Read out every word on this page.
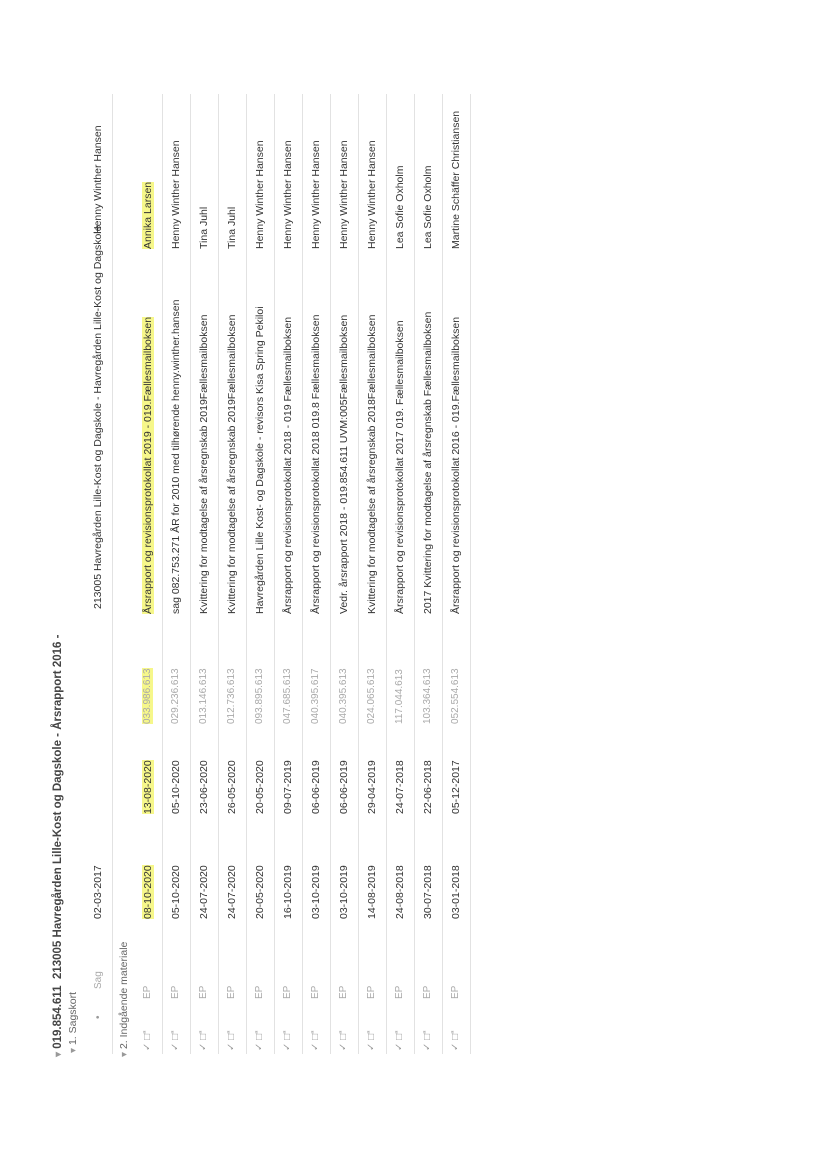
▾ 019.854.611  213005 Havregården Lille-Kost og Dagskole - Årsrapport 2016 -
▾ 1. Sagskort •
Sag
02-03-2017
213005 Havregården Lille-Kost og Dagskole - Havregården Lille-Kost og Dagskole
Henny Winther Hansen
▾ 2. Indgående materiale ✓ □“
EP
08-10-2020
13-08-2020
033.986.613
Årsrapport og revisionsprotokollat 2019 - 019.Fællesmailboksen
Annika Larsen
✓ □“
EP
05-10-2020
05-10-2020
029.236.613
sag 082.753.271 ÅR for 2010 med tilhørende henny.winther.hansen
Henny Winther Hansen
✓ □“
EP
24-07-2020
23-06-2020
013.146.613
Kvittering for modtagelse af årsregnskab 2019Fællesmailboksen
Tina Juhl
✓ □“
EP
24-07-2020
26-05-2020
012.736.613
Kvittering for modtagelse af årsregnskab 2019Fællesmailboksen
Tina Juhl
✓ □“
EP
20-05-2020
20-05-2020
093.895.613
Havregården Lille Kost- og Dagskole - revisors Kisa Spring Pekiloi
Henny Winther Hansen
✓ □“
EP
16-10-2019
09-07-2019
047.685.613
Årsrapport og revisionsprotokollat 2018 - 019 Fællesmailboksen
Henny Winther Hansen
✓ □“
EP
03-10-2019
06-06-2019
040.395.617
Årsrapport og revisionsprotokollat 2018 019.8 Fællesmailboksen
Henny Winther Hansen
✓ □“
EP
03-10-2019
06-06-2019
040.395.613
Vedr. årsrapport 2018 - 019.854.611 UVM:005Fællesmailboksen
Henny Winther Hansen
✓ □“
EP
14-08-2019
29-04-2019
024.065.613
Kvittering for modtagelse af årsregnskab 2018Fællesmailboksen
Henny Winther Hansen
✓ □“
EP
24-08-2018
24-07-2018
117.044.613
Årsrapport og revisionsprotokollat 2017 019. Fællesmailboksen
Lea Sofie Oxholm
✓ □“
EP
30-07-2018
22-06-2018
103.364.613
2017 Kvittering for modtagelse af årsregnskab Fællesmailboksen
Lea Sofie Oxholm
✓ □“
EP
03-01-2018
05-12-2017
052.554.613
Årsrapport og revisionsprotokollat 2016 - 019.Fællesmailboksen
Martine Schäffer Christiansen
